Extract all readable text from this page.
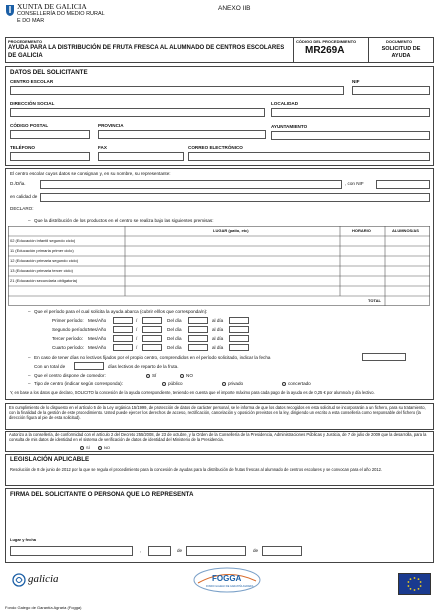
XUNTA DE GALICIA
CONSELLERÍA DO MEDIO RURAL
E DO MAR
ANEXO IIB
PROCEDEMENTO
AYUDA PARA LA DISTRIBUCIÓN DE FRUTA FRESCA AL ALUMNADO DE CENTROS ESCOLARES DE GALICIA
CÓDIGO DEL PROCEDIMIENTO
MR269A
DOCUMENTO
SOLICITUD DE AYUDA
DATOS DEL SOLICITANTE
CENTRO ESCOLAR	NIF
DIRECCIÓN SOCIAL	LOCALIDAD
CÓDIGO POSTAL	PROVINCIA	AYUNTAMIENTO
TELÉFONO	FAX	CORREO ELECTRÓNICO
El centro escolar cuyos datos se consignan y, en su nombre, su representante:
D./Dña.	, con NIF
en calidad de
DECLARO:
Que la distribución de los productos en el centro se realiza bajo las siguientes premisas:
–
LUGAR (patio, etc)	HORARIO	ALUMNOS/AS
02 (Educación infantil segundo ciclo)
11 (Educación primaria primer ciclo)
12 (Educación primaria segundo ciclo)
13 (Educación primaria tercer ciclo)
21 (Educación secundaria obligatoria)
TOTAL
– Que el período para el cual solicita la ayuda abarca (cubrir el/los que corresponda/n):
Primer período: Mes/Año	/	Del día	al día
Segundo período: Mes/Año	/	Del día	al día
Tercer período: Mes/Año	/	Del día	al día
Cuarto período: Mes/Año	/	Del día	al día
– En caso de tener días no lectivos fijados por el propio centro, comprendidos en el período solicitado, indicar la fecha
Con un total de	días lectivos de reparto de la fruta.
– Que el centro dispone de comedor:	SÍ	NO
– Tipo de centro (indicar según corresponda):	público	privado	concertado
Y, en base a los datos que declaro, SOLICITO la concesión de la ayuda correspondiente, teniendo en cuenta que el importe máximo para cada pago de la ayuda es de 0,25 € por alumno/a y día lectivo.
En cumplimiento de lo dispuesto en el artículo 5 de la Ley orgánica 15/1999, de protección de datos de carácter personal, se le informa de que los datos recogidos en esta solicitud se incorporarán a un fichero, para su tratamiento, con la finalidad de la gestión de este procedimiento. Usted puede ejercer los derechos de acceso, rectificación, cancelación y oposición previstos en la ley, dirigiendo un escrito a esta consellería como responsable del fichero (la dirección figura al pie de esta solicitud).
Autorizo a la consellería, de conformidad con el artículo 2 del Decreto 255/2008, de 23 de octubre, y la Orden de la Consellería de la Presidencia, Administraciones Públicas y Justicia, de 7 de julio de 2009 que la desarrolla, para la consulta de mis datos de identidad en el sistema de verificación de datos de identidad del Ministerio de la Presidencia.
SÍ	NO
LEGISLACIÓN APLICABLE
Resolución de 8 de junio de 2012 por la que se regula el procedimiento para la concesión de ayudas para la distribución de frutas frescas al alumnado de centros escolares y se convocan para el año 2012.
FIRMA DEL SOLICITANTE O PERSONA QUE LO REPRESENTA
Lugar y fecha
,	de	de
galicia	FOGGA
FONDO GALEGO DE GARANTÍA AGRARIA
Fondo Galego de Garantía Agraria (Fogga)
